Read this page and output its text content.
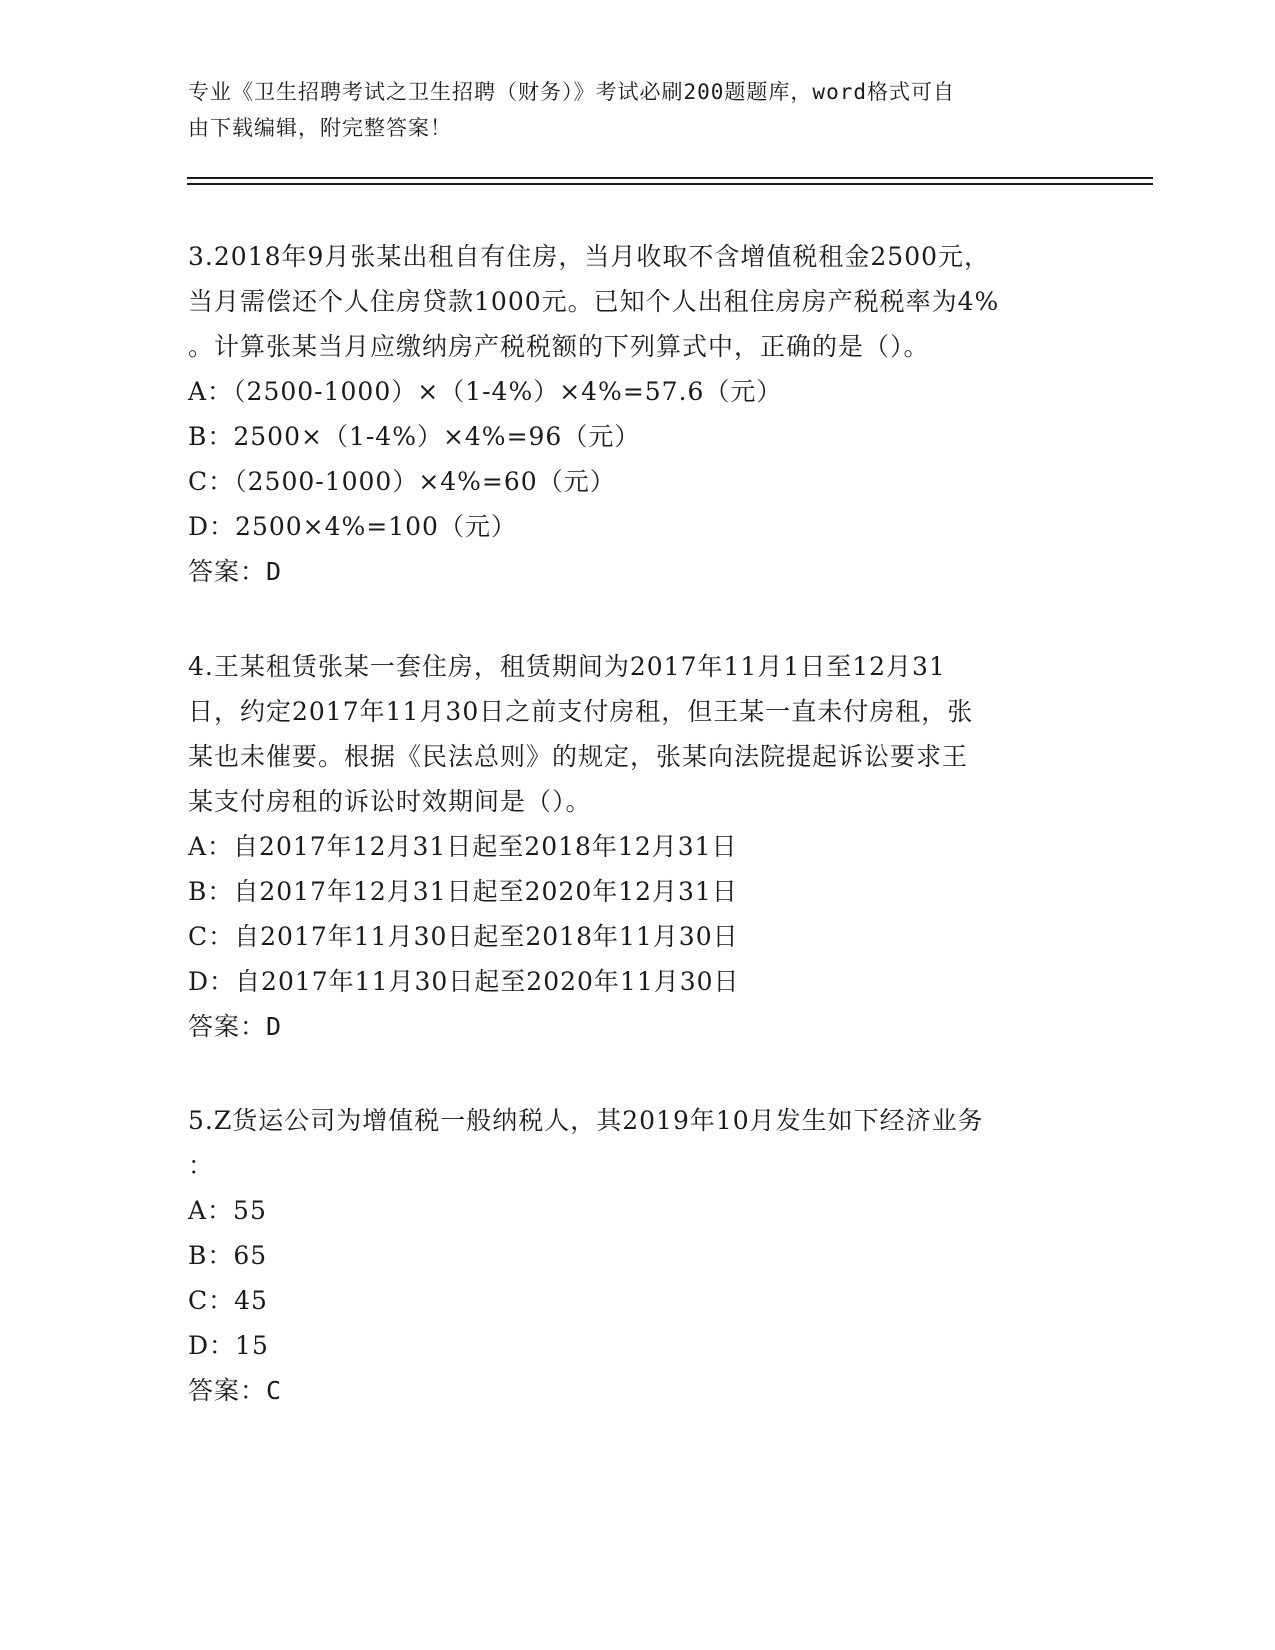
专业《卫生招聘考试之卫生招聘（财务）》考试必刷200题题库，word格式可自
由下载编辑，附完整答案！

3.2018年9月张某出租自有住房，当月收取不含增值税租金2500元，

当月需偿还个人住房贷款1000元。已知个人出租住房房产税税率为4%

。计算张某当月应缴纳房产税税额的下列算式中，正确的是（）。

A：（2500-1000）×（1-4%）×4%=57.6（元）

B：2500×（1-4%）×4%=96（元）

C：（2500-1000）×4%=60（元）

D：2500×4%=100（元）

答案：D

4.王某租赁张某一套住房，租赁期间为2017年11月1日至12月31

日，约定2017年11月30日之前支付房租，但王某一直未付房租，张

某也未催要。根据《民法总则》的规定，张某向法院提起诉讼要求王

某支付房租的诉讼时效期间是（）。

A：自2017年12月31日起至2018年12月31日

B：自2017年12月31日起至2020年12月31日

C：自2017年11月30日起至2018年11月30日

D：自2017年11月30日起至2020年11月30日

答案：D

5.Z货运公司为增值税一般纳税人，其2019年10月发生如下经济业务

：

A：55

B：65

C：45

D：15

答案：C
